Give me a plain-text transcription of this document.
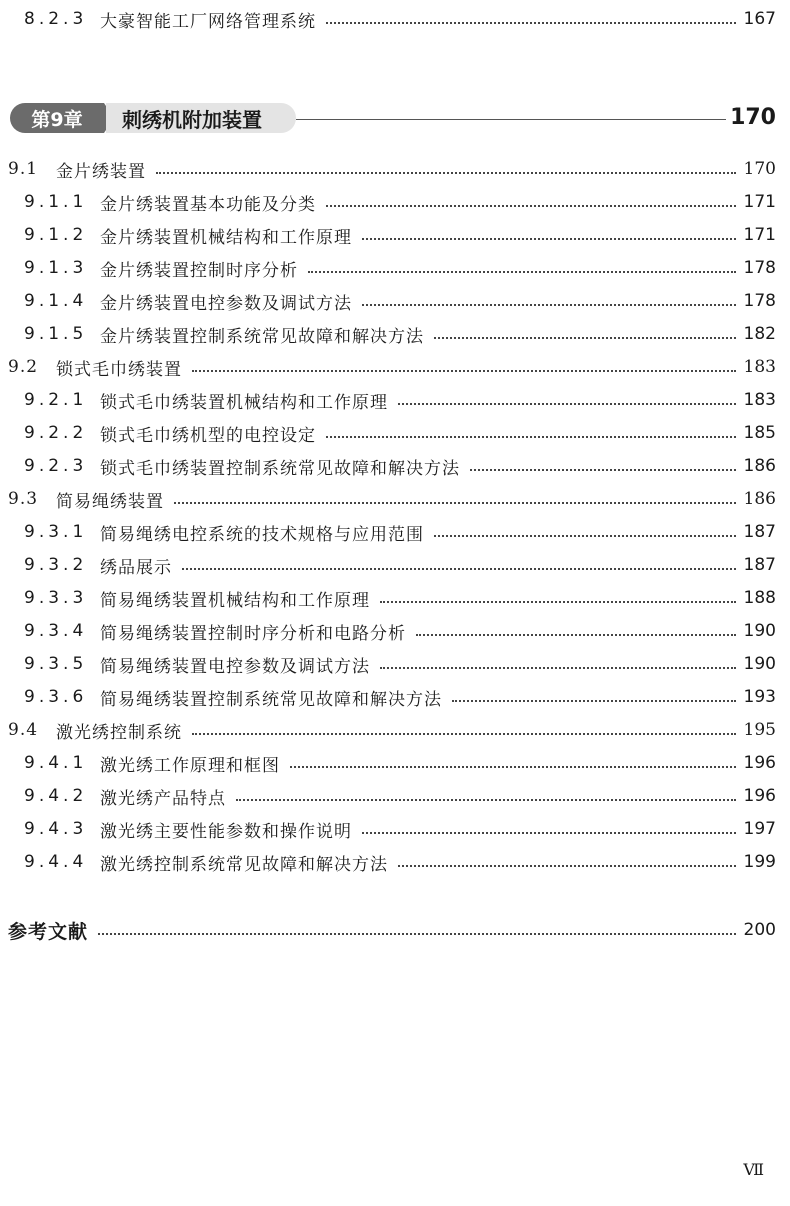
8.2.3 大豪智能工厂网络管理系统	167
第9章	刺绣机附加装置	170
9.1	金片绣装置	170
9.1.1 金片绣装置基本功能及分类	171
9.1.2 金片绣装置机械结构和工作原理	171
9.1.3 金片绣装置控制时序分析	178
9.1.4 金片绣装置电控参数及调试方法	178
9.1.5 金片绣装置控制系统常见故障和解决方法	182
9.2	锁式毛巾绣装置	183
9.2.1 锁式毛巾绣装置机械结构和工作原理	183
9.2.2 锁式毛巾绣机型的电控设定	185
9.2.3 锁式毛巾绣装置控制系统常见故障和解决方法	186
9.3	简易绳绣装置	186
9.3.1 简易绳绣电控系统的技术规格与应用范围	187
9.3.2 绣品展示	187
9.3.3 简易绳绣装置机械结构和工作原理	188
9.3.4 简易绳绣装置控制时序分析和电路分析	190
9.3.5 简易绳绣装置电控参数及调试方法	190
9.3.6 简易绳绣装置控制系统常见故障和解决方法	193
9.4	激光绣控制系统	195
9.4.1 激光绣工作原理和框图	196
9.4.2 激光绣产品特点	196
9.4.3 激光绣主要性能参数和操作说明	197
9.4.4 激光绣控制系统常见故障和解决方法	199
参考文献	200
Ⅶ
